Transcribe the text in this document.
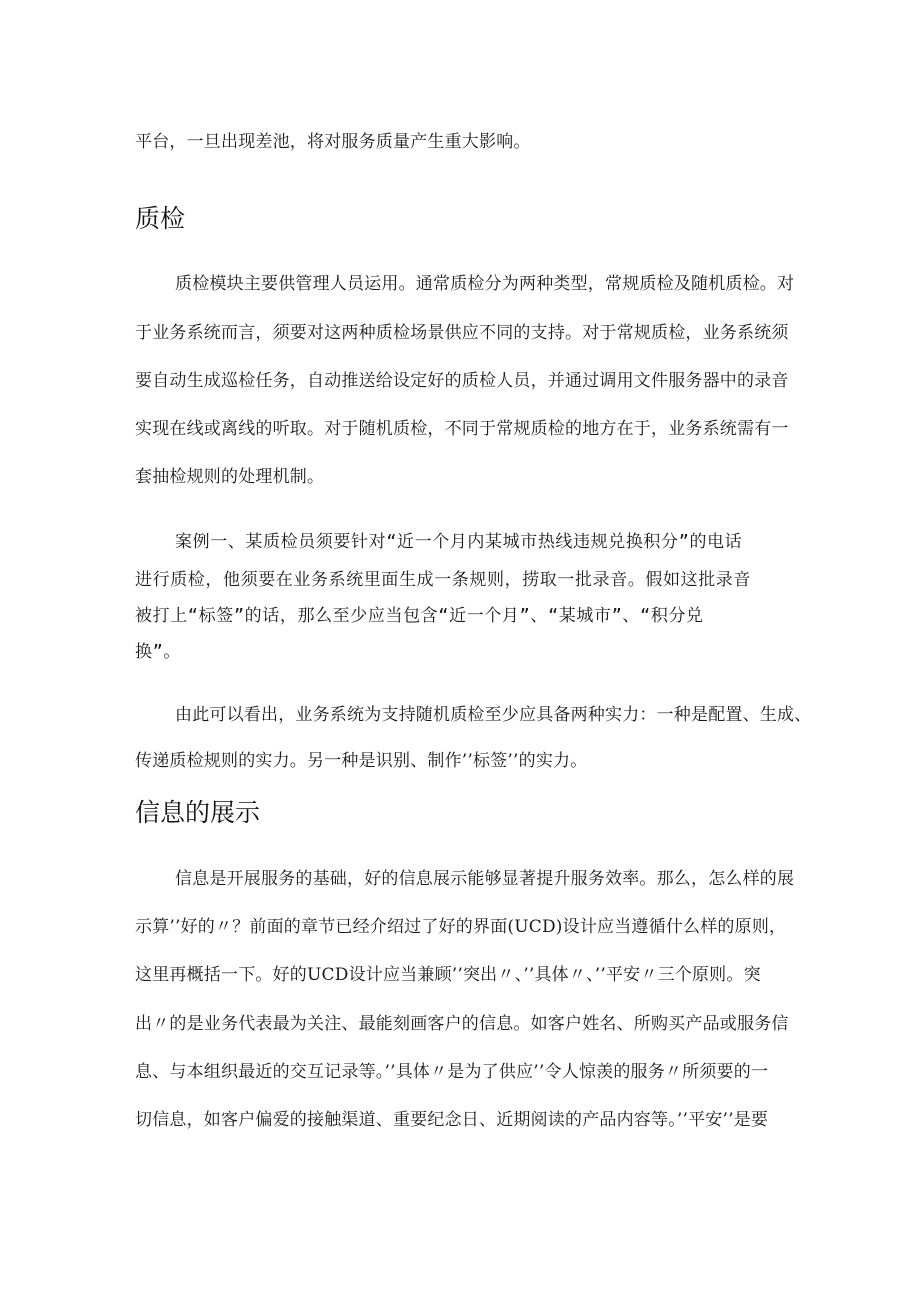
平台，一旦出现差池，将对服务质量产生重大影响。
质检
质检模块主要供管理人员运用。通常质检分为两种类型，常规质检及随机质检。对
于业务系统而言，须要对这两种质检场景供应不同的支持。对于常规质检，业务系统须
要自动生成巡检任务，自动推送给设定好的质检人员，并通过调用文件服务器中的录音
实现在线或离线的听取。对于随机质检，不同于常规质检的地方在于，业务系统需有一
套抽检规则的处理机制。
案例一、某质检员须要针对“近一个月内某城市热线违规兑换积分”的电话
进行质检，他须要在业务系统里面生成一条规则，捞取一批录音。假如这批录音
被打上“标签”的话，那么至少应当包含“近一个月”、“某城市”、“积分兑
换”。
由此可以看出，业务系统为支持随机质检至少应具备两种实力：一种是配置、生成、
传递质检规则的实力。另一种是识别、制作’’标签’’的实力。
信息的展示
信息是开展服务的基础，好的信息展示能够显著提升服务效率。那么，怎么样的展
示算’’好的〃？前面的章节已经介绍过了好的界面(UCD)设计应当遵循什么样的原则，
这里再概括一下。好的UCD设计应当兼顾’’突出〃、’’具体〃、’’平安〃三个原则。突
出〃的是业务代表最为关注、最能刻画客户的信息。如客户姓名、所购买产品或服务信
息、与本组织最近的交互记录等。’’具体〃是为了供应’’令人惊羡的服务〃所须要的一
切信息，如客户偏爱的接触渠道、重要纪念日、近期阅读的产品内容等。’’平安’’是要
